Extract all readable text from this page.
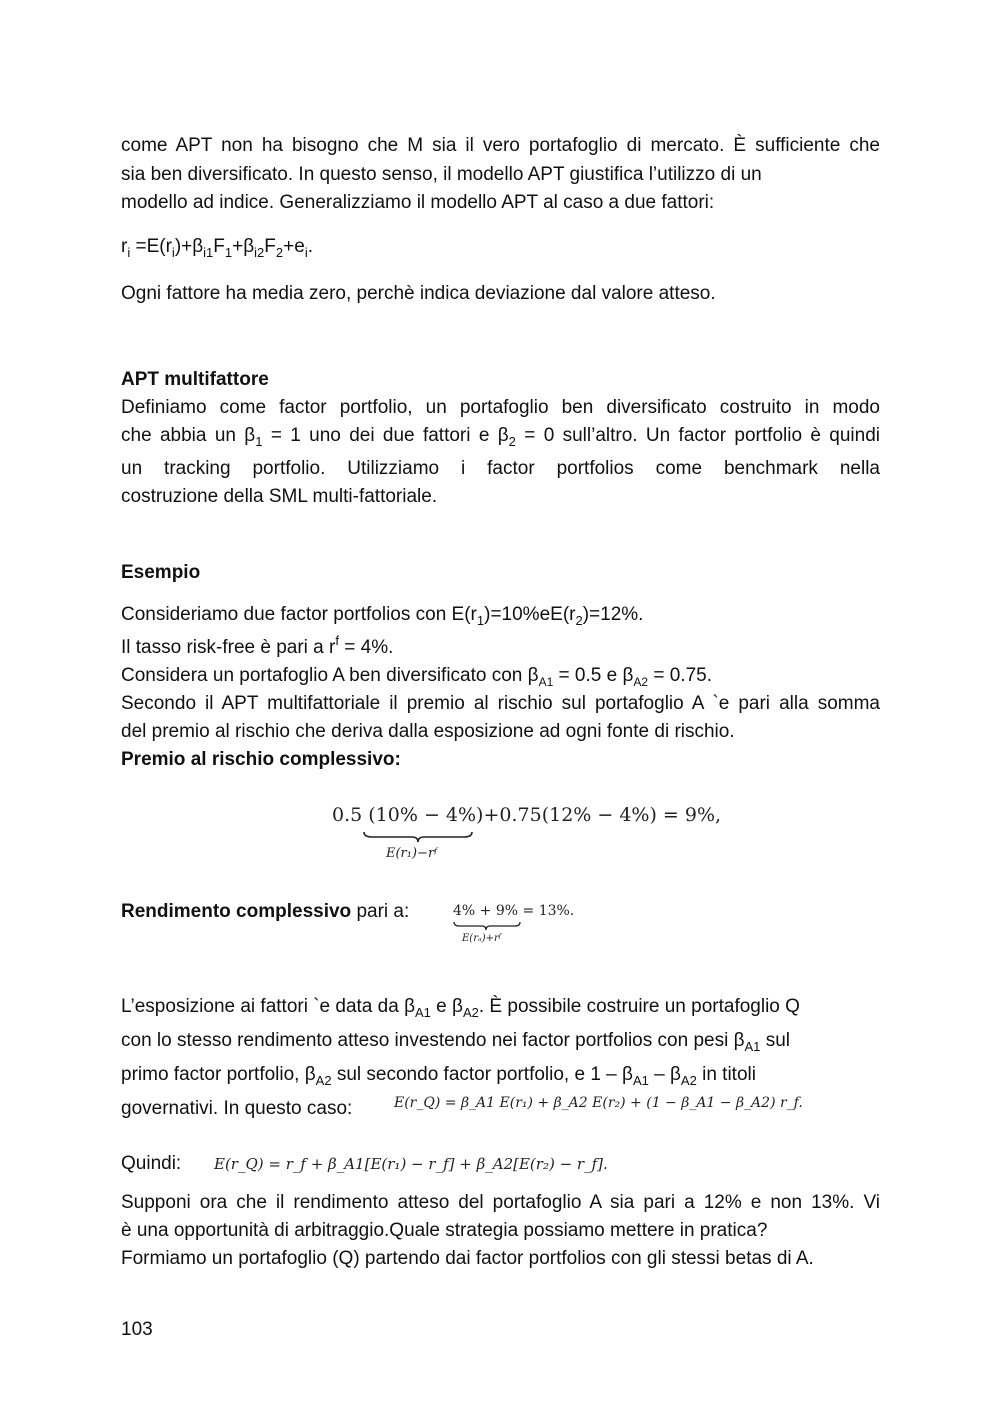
come APT non ha bisogno che M sia il vero portafoglio di mercato. È sufficiente che
sia ben diversificato. In questo senso, il modello APT giustifica l’utilizzo di un
modello ad indice. Generalizziamo il modello APT al caso a due fattori:
$r_i =E(r_i)+\beta_{i1}F_1+\beta_{i2}F_2+e_i$.
Ogni fattore ha media zero, perchè indica deviazione dal valore atteso.
APT multifattore
Definiamo come factor portfolio, un portafoglio ben diversificato costruito in modo
che abbia un $\beta_1 = 1$ uno dei due fattori e $\beta_2 = 0$ sull’altro. Un factor portfolio è quindi
un tracking portfolio. Utilizziamo i factor portfolios come benchmark nella
costruzione della SML multi-fattoriale.
Esempio
Consideriamo due factor portfolios con $E(r_1)=10\%eE(r_2)=12\%$.
Il tasso risk-free è pari a $r^f = 4\%$.
Considera un portafoglio A ben diversificato con $\beta_{A1} = 0.5$ e $\beta_{A2} = 0.75$.
Secondo il APT multifattoriale il premio al rischio sul portafoglio A `e pari alla somma
del premio al rischio che deriva dalla esposizione ad ogni fonte di rischio.
Premio al rischio complessivo:
0.5 (10% − 4%)+0.75(12% − 4%) = 9%,
E(r₁)−rᶠ
Rendimento complessivo pari a:	4% + 9% = 13%.
E(rₐ)+rᶠ
L’esposizione ai fattori `e data da $\beta_{A1}$ e $\beta_{A2}$. È possibile costruire un portafoglio Q
con lo stesso rendimento atteso investendo nei factor portfolios con pesi $\beta_{A1}$ sul
primo factor portfolio, $\beta_{A2}$ sul secondo factor portfolio, e $1 - \beta_{A1} - \beta_{A2}$ in titoli
governativi. In questo caso:	E(r_Q) = β_A1 E(r₁) + β_A2 E(r₂) + (1 − β_A1 − β_A2) r_f.
Quindi:	E(r_Q) = r_f + β_A1[E(r₁) − r_f] + β_A2[E(r₂) − r_f].
Supponi ora che il rendimento atteso del portafoglio A sia pari a 12% e non 13%. Vi
è una opportunità di arbitraggio.Quale strategia possiamo mettere in pratica?
Formiamo un portafoglio (Q) partendo dai factor portfolios con gli stessi betas di A.
103
